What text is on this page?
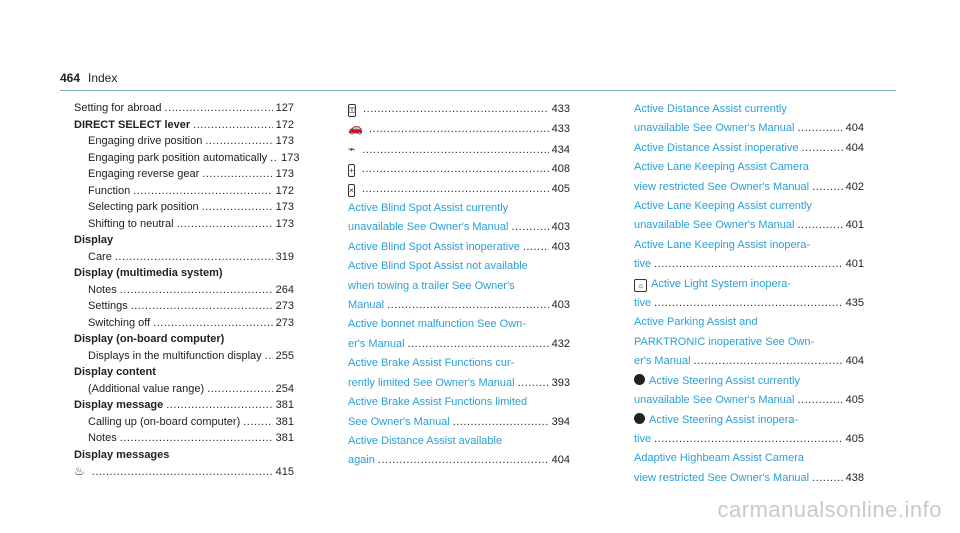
464 Index
Setting for abroad .....	127
DIRECT SELECT lever .....	172
Engaging drive position .....	173
Engaging park position automatically ..... 173
Engaging reverse gear .....	173
Function .....	172
Selecting park position .....	173
Shifting to neutral .....	173
Display
Care .....	319
Display (multimedia system)
Notes .....	264
Settings .....	273
Switching off .....	273
Display (on-board computer)
Displays in the multifunction display ..... 255
Display content
(Additional value range) .....	254
Display message .....	381
Calling up (on-board computer) .....	381
Notes .....	381
Display messages
♨ .....	415
⚿ .....	433
🚗 .....	433
⌁ .....	434
+ .....	408
× .....	405
Active Blind Spot Assist currently
unavailable See Owner's Manual .....	403
Active Blind Spot Assist inoperative .....	403
Active Blind Spot Assist not available
when towing a trailer See Owner's
Manual .....	403
Active bonnet malfunction See Own-
er's Manual .....	432
Active Brake Assist Functions cur-
rently limited See Owner's Manual .....	393
Active Brake Assist Functions limited
See Owner's Manual .....	394
Active Distance Assist available
again .....	404
Active Distance Assist currently
unavailable See Owner's Manual .....	404
Active Distance Assist inoperative .....	404
Active Lane Keeping Assist Camera
view restricted See Owner's Manual .....	402
Active Lane Keeping Assist currently
unavailable See Owner's Manual .....	401
Active Lane Keeping Assist inopera-
tive .....	401
☼ Active Light System inopera-
tive .....	435
Active Parking Assist and
PARKTRONIC inoperative See Own-
er's Manual .....	404
Active Steering Assist currently
unavailable See Owner's Manual .....	405
Active Steering Assist inopera-
tive .....	405
Adaptive Highbeam Assist Camera
view restricted See Owner's Manual .....	438
carmanualsonline.info
